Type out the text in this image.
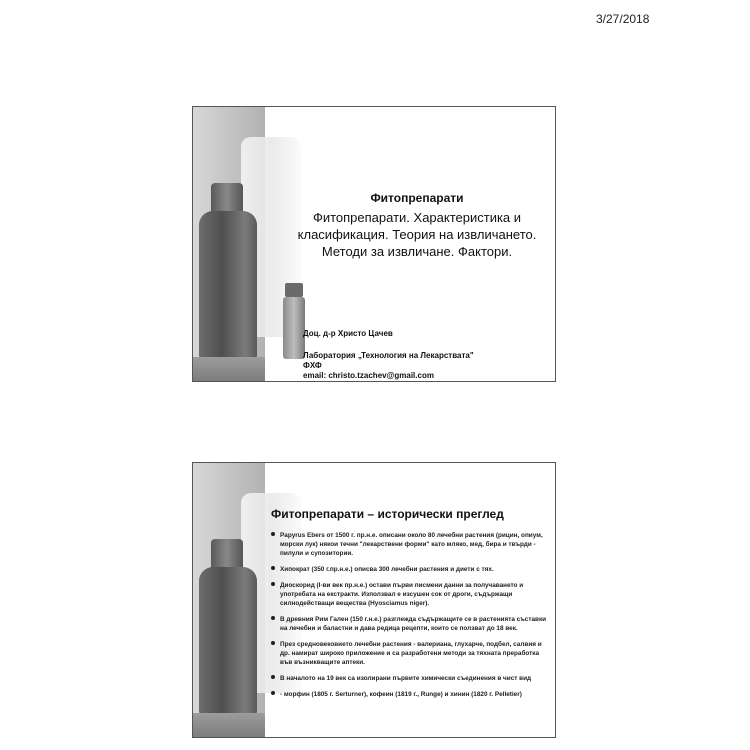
3/27/2018
Фитопрепарати
Фитопрепарати. Характеристика и
класификация. Теория на извличането.
Методи за извличане. Фактори.
Доц. д-р Христо Цачев
Лаборатория „Технология на Лекарствата"
ФХФ
email: christo.tzachev@gmail.com
Фитопрепарати – исторически преглед
Papyrus Ebers от 1500 г. пр.н.е. описани около 80 лечебни растения (рицин, опиум, морски лук) някои течни "лекарствени форми" като мляко, мед, бира и твърди - пилули и супозитории.
Хипократ (350 г.пр.н.е.) описва 300 лечебни растения и диети с тях.
Диоскорид (I-ви век пр.н.е.) остави първи писмени данни за получаването и употребата на екстракти. Използвал е изсушен сок от дроги, съдържащи силнодействащи вещества (Hyosciamus niger).
В древния Рим Гален (150 г.н.е.) разглежда съдържащите се в растенията съставки на лечебни и баластни и дава редица рецепти, които се ползват до 18 век.
През средновековието лечебни растения - валериана, глухарче, подбел, салвия и др. намират широко приложение и са разработени методи за тяхната преработка във възникващите аптеки.
В началото на 19 век са изолирани първите химически съединения в чист вид
- морфин (1805 г. Serturner), кофеин (1819 г., Runge) и хинин (1820 г. Pelletier)
